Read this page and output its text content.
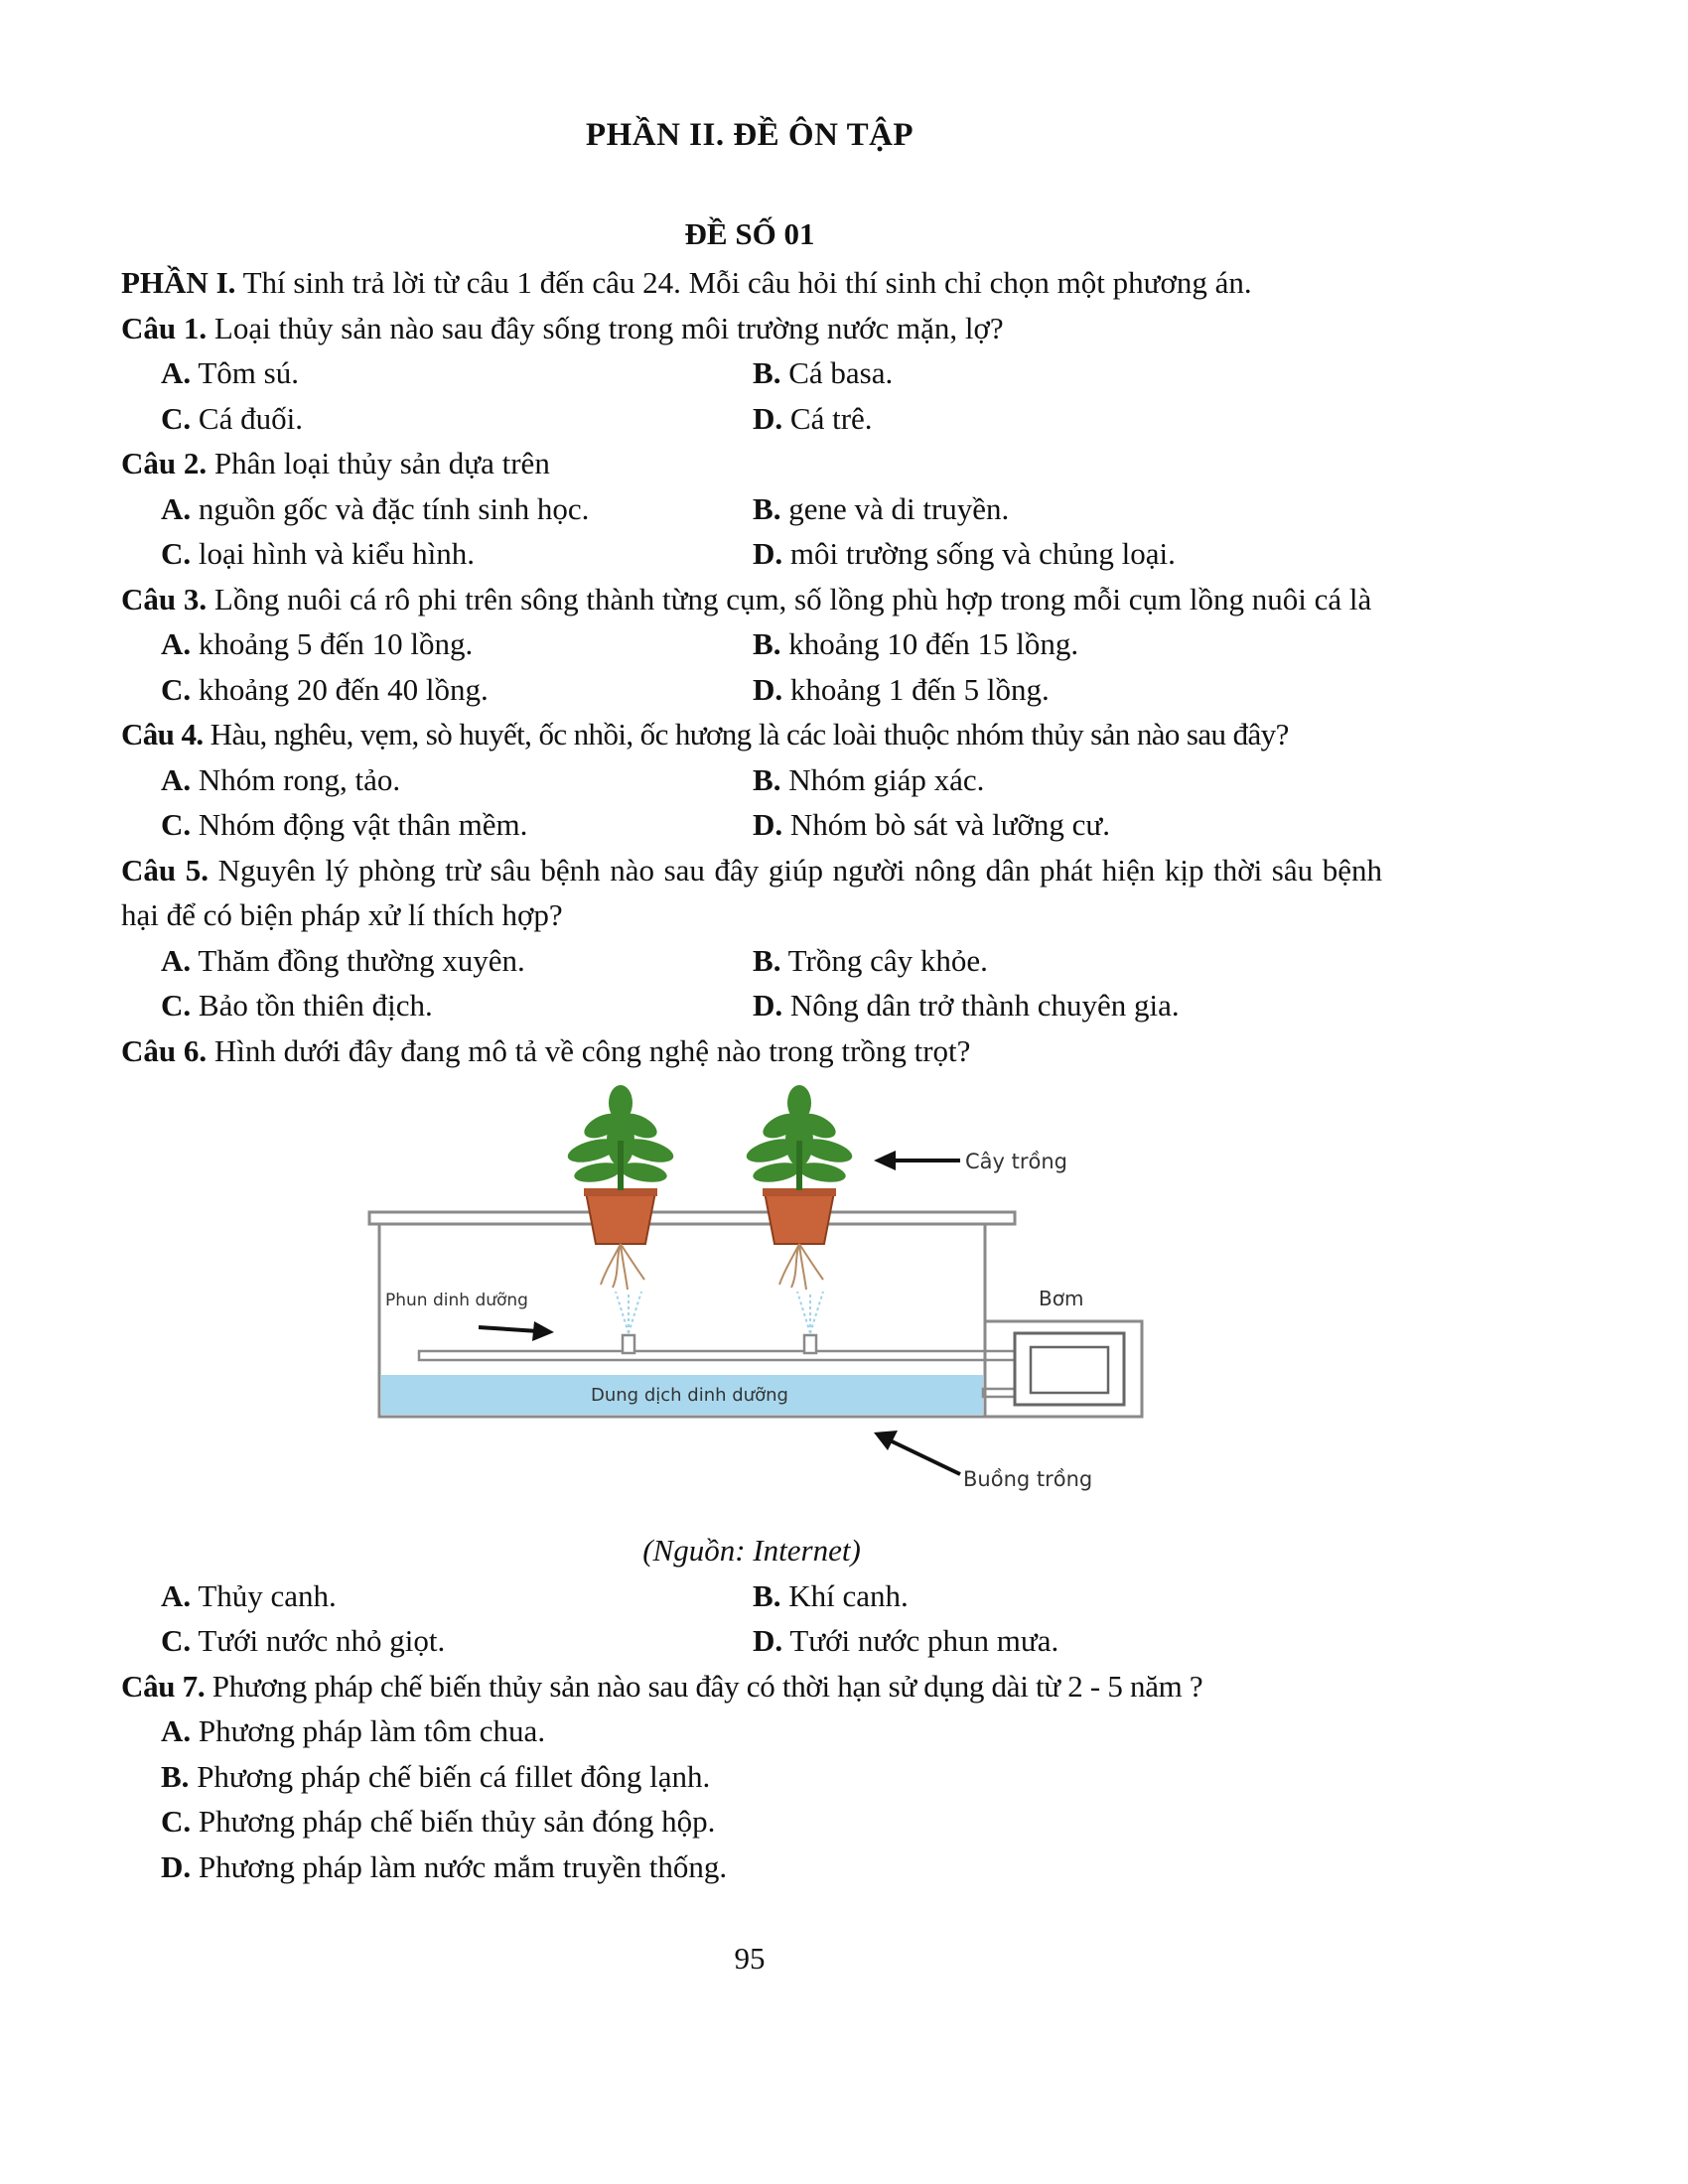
PHẦN II. ĐỀ ÔN TẬP
ĐỀ SỐ 01
PHẦN I. Thí sinh trả lời từ câu 1 đến câu 24. Mỗi câu hỏi thí sinh chỉ chọn một phương án.
Câu 1. Loại thủy sản nào sau đây sống trong môi trường nước mặn, lợ?
A. Tôm sú.	B. Cá basa.
C. Cá đuối.	D. Cá trê.
Câu 2. Phân loại thủy sản dựa trên
A. nguồn gốc và đặc tính sinh học.	B. gene và di truyền.
C. loại hình và kiểu hình.	D. môi trường sống và chủng loại.
Câu 3. Lồng nuôi cá rô phi trên sông thành từng cụm, số lồng phù hợp trong mỗi cụm lồng nuôi cá là
A. khoảng 5 đến 10 lồng.	B. khoảng 10 đến 15 lồng.
C. khoảng 20 đến 40 lồng.	D. khoảng 1 đến 5 lồng.
Câu 4. Hàu, nghêu, vẹm, sò huyết, ốc nhồi, ốc hương là các loài thuộc nhóm thủy sản nào sau đây?
A. Nhóm rong, tảo.	B. Nhóm giáp xác.
C. Nhóm động vật thân mềm.	D. Nhóm bò sát và lưỡng cư.
Câu 5. Nguyên lý phòng trừ sâu bệnh nào sau đây giúp người nông dân phát hiện kịp thời sâu bệnh hại để có biện pháp xử lí thích hợp?
A. Thăm đồng thường xuyên.	B. Trồng cây khỏe.
C. Bảo tồn thiên địch.	D. Nông dân trở thành chuyên gia.
Câu 6. Hình dưới đây đang mô tả về công nghệ nào trong trồng trọt?
Cây trồng
Phun dinh dưỡng	Bơm
Dung dịch dinh dưỡng
Buồng trồng
(Nguồn: Internet)
A. Thủy canh.	B. Khí canh.
C. Tưới nước nhỏ giọt.	D. Tưới nước phun mưa.
Câu 7. Phương pháp chế biến thủy sản nào sau đây có thời hạn sử dụng dài từ 2 - 5 năm ?
A. Phương pháp làm tôm chua.
B. Phương pháp chế biến cá fillet đông lạnh.
C. Phương pháp chế biến thủy sản đóng hộp.
D. Phương pháp làm nước mắm truyền thống.
95
